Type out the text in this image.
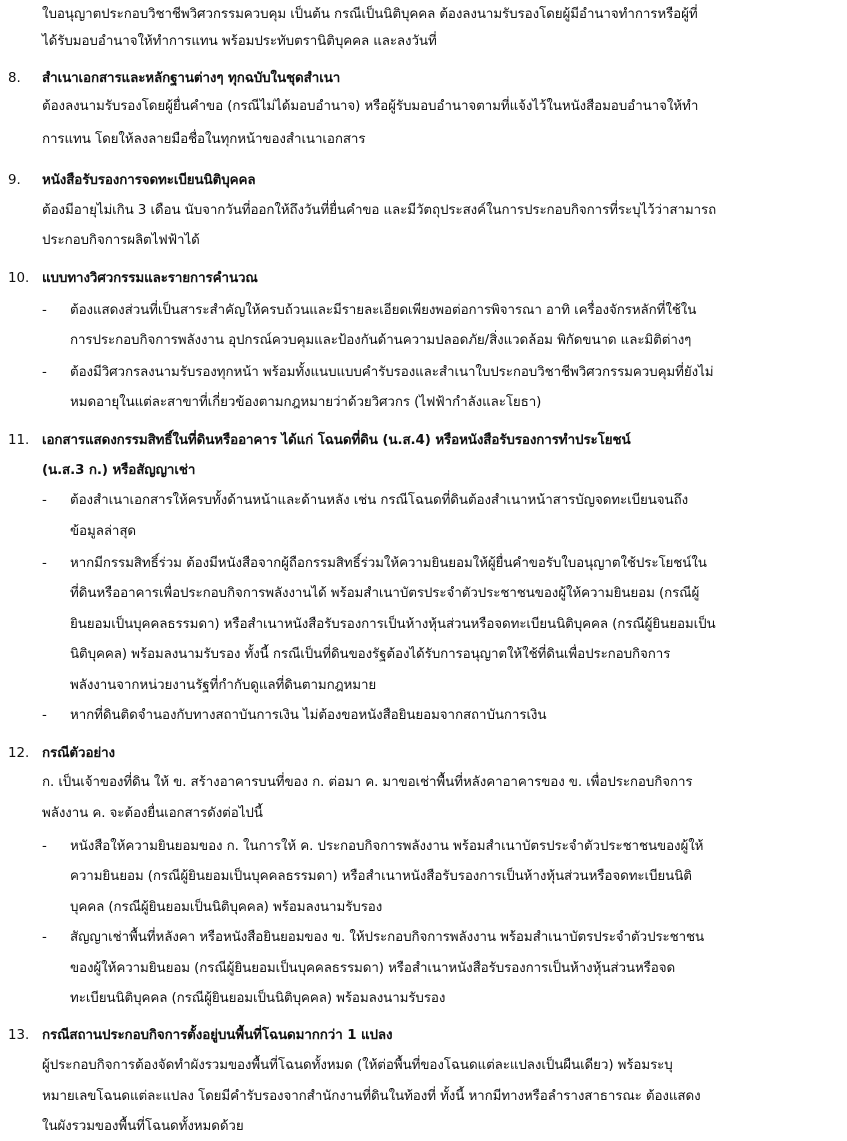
ใบอนุญาตประกอบวิชาชีพวิศวกรรมควบคุม เป็นต้น กรณีเป็นนิติบุคคล ต้องลงนามรับรองโดยผู้มีอำนาจทำการหรือผู้ที่
ได้รับมอบอำนาจให้ทำการแทน พร้อมประทับตรานิติบุคคล และลงวันที่
8. สำเนาเอกสารและหลักฐานต่างๆ ทุกฉบับในชุดสำเนา
ต้องลงนามรับรองโดยผู้ยื่นคำขอ (กรณีไม่ได้มอบอำนาจ) หรือผู้รับมอบอำนาจตามที่แจ้งไว้ในหนังสือมอบอำนาจให้ทำ
การแทน โดยให้ลงลายมือชื่อในทุกหน้าของสำเนาเอกสาร
9. หนังสือรับรองการจดทะเบียนนิติบุคคล
ต้องมีอายุไม่เกิน 3 เดือน นับจากวันที่ออกให้ถึงวันที่ยื่นคำขอ และมีวัตถุประสงค์ในการประกอบกิจการที่ระบุไว้ว่าสามารถ
ประกอบกิจการผลิตไฟฟ้าได้
10. แบบทางวิศวกรรมและรายการคำนวณ
- ต้องแสดงส่วนที่เป็นสาระสำคัญให้ครบถ้วนและมีรายละเอียดเพียงพอต่อการพิจารณา อาทิ เครื่องจักรหลักที่ใช้ใน
การประกอบกิจการพลังงาน อุปกรณ์ควบคุมและป้องกันด้านความปลอดภัย/สิ่งแวดล้อม พิกัดขนาด และมิติต่างๆ
- ต้องมีวิศวกรลงนามรับรองทุกหน้า พร้อมทั้งแนบแบบคำรับรองและสำเนาใบประกอบวิชาชีพวิศวกรรมควบคุมที่ยังไม่
หมดอายุในแต่ละสาขาที่เกี่ยวข้องตามกฎหมายว่าด้วยวิศวกร (ไฟฟ้ากำลังและโยธา)
11. เอกสารแสดงกรรมสิทธิ์ในที่ดินหรืออาคาร ได้แก่ โฉนดที่ดิน (น.ส.4) หรือหนังสือรับรองการทำประโยชน์
(น.ส.3 ก.) หรือสัญญาเช่า
- ต้องสำเนาเอกสารให้ครบทั้งด้านหน้าและด้านหลัง เช่น กรณีโฉนดที่ดินต้องสำเนาหน้าสารบัญจดทะเบียนจนถึง
ข้อมูลล่าสุด
- หากมีกรรมสิทธิ์ร่วม ต้องมีหนังสือจากผู้ถือกรรมสิทธิ์ร่วมให้ความยินยอมให้ผู้ยื่นคำขอรับใบอนุญาตใช้ประโยชน์ใน
ที่ดินหรืออาคารเพื่อประกอบกิจการพลังงานได้ พร้อมสำเนาบัตรประจำตัวประชาชนของผู้ให้ความยินยอม (กรณีผู้
ยินยอมเป็นบุคคลธรรมดา) หรือสำเนาหนังสือรับรองการเป็นห้างหุ้นส่วนหรือจดทะเบียนนิติบุคคล (กรณีผู้ยินยอมเป็น
นิติบุคคล) พร้อมลงนามรับรอง ทั้งนี้ กรณีเป็นที่ดินของรัฐต้องได้รับการอนุญาตให้ใช้ที่ดินเพื่อประกอบกิจการ
พลังงานจากหน่วยงานรัฐที่กำกับดูแลที่ดินตามกฎหมาย
- หากที่ดินติดจำนองกับทางสถาบันการเงิน ไม่ต้องขอหนังสือยินยอมจากสถาบันการเงิน
12. กรณีตัวอย่าง
ก. เป็นเจ้าของที่ดิน ให้ ข. สร้างอาคารบนที่ของ ก. ต่อมา ค. มาขอเช่าพื้นที่หลังคาอาคารของ ข. เพื่อประกอบกิจการ
พลังงาน ค. จะต้องยื่นเอกสารดังต่อไปนี้
- หนังสือให้ความยินยอมของ ก. ในการให้ ค. ประกอบกิจการพลังงาน พร้อมสำเนาบัตรประจำตัวประชาชนของผู้ให้
ความยินยอม (กรณีผู้ยินยอมเป็นบุคคลธรรมดา) หรือสำเนาหนังสือรับรองการเป็นห้างหุ้นส่วนหรือจดทะเบียนนิติ
บุคคล (กรณีผู้ยินยอมเป็นนิติบุคคล) พร้อมลงนามรับรอง
- สัญญาเช่าพื้นที่หลังคา หรือหนังสือยินยอมของ ข. ให้ประกอบกิจการพลังงาน พร้อมสำเนาบัตรประจำตัวประชาชน
ของผู้ให้ความยินยอม (กรณีผู้ยินยอมเป็นบุคคลธรรมดา) หรือสำเนาหนังสือรับรองการเป็นห้างหุ้นส่วนหรือจด
ทะเบียนนิติบุคคล (กรณีผู้ยินยอมเป็นนิติบุคคล) พร้อมลงนามรับรอง
13. กรณีสถานประกอบกิจการตั้งอยู่บนพื้นที่โฉนดมากกว่า 1 แปลง
ผู้ประกอบกิจการต้องจัดทำผังรวมของพื้นที่โฉนดทั้งหมด (ให้ต่อพื้นที่ของโฉนดแต่ละแปลงเป็นผืนเดียว) พร้อมระบุ
หมายเลขโฉนดแต่ละแปลง โดยมีคำรับรองจากสำนักงานที่ดินในท้องที่ ทั้งนี้ หากมีทางหรือลำรางสาธารณะ ต้องแสดง
ในผังรวมของพื้นที่โฉนดทั้งหมดด้วย
